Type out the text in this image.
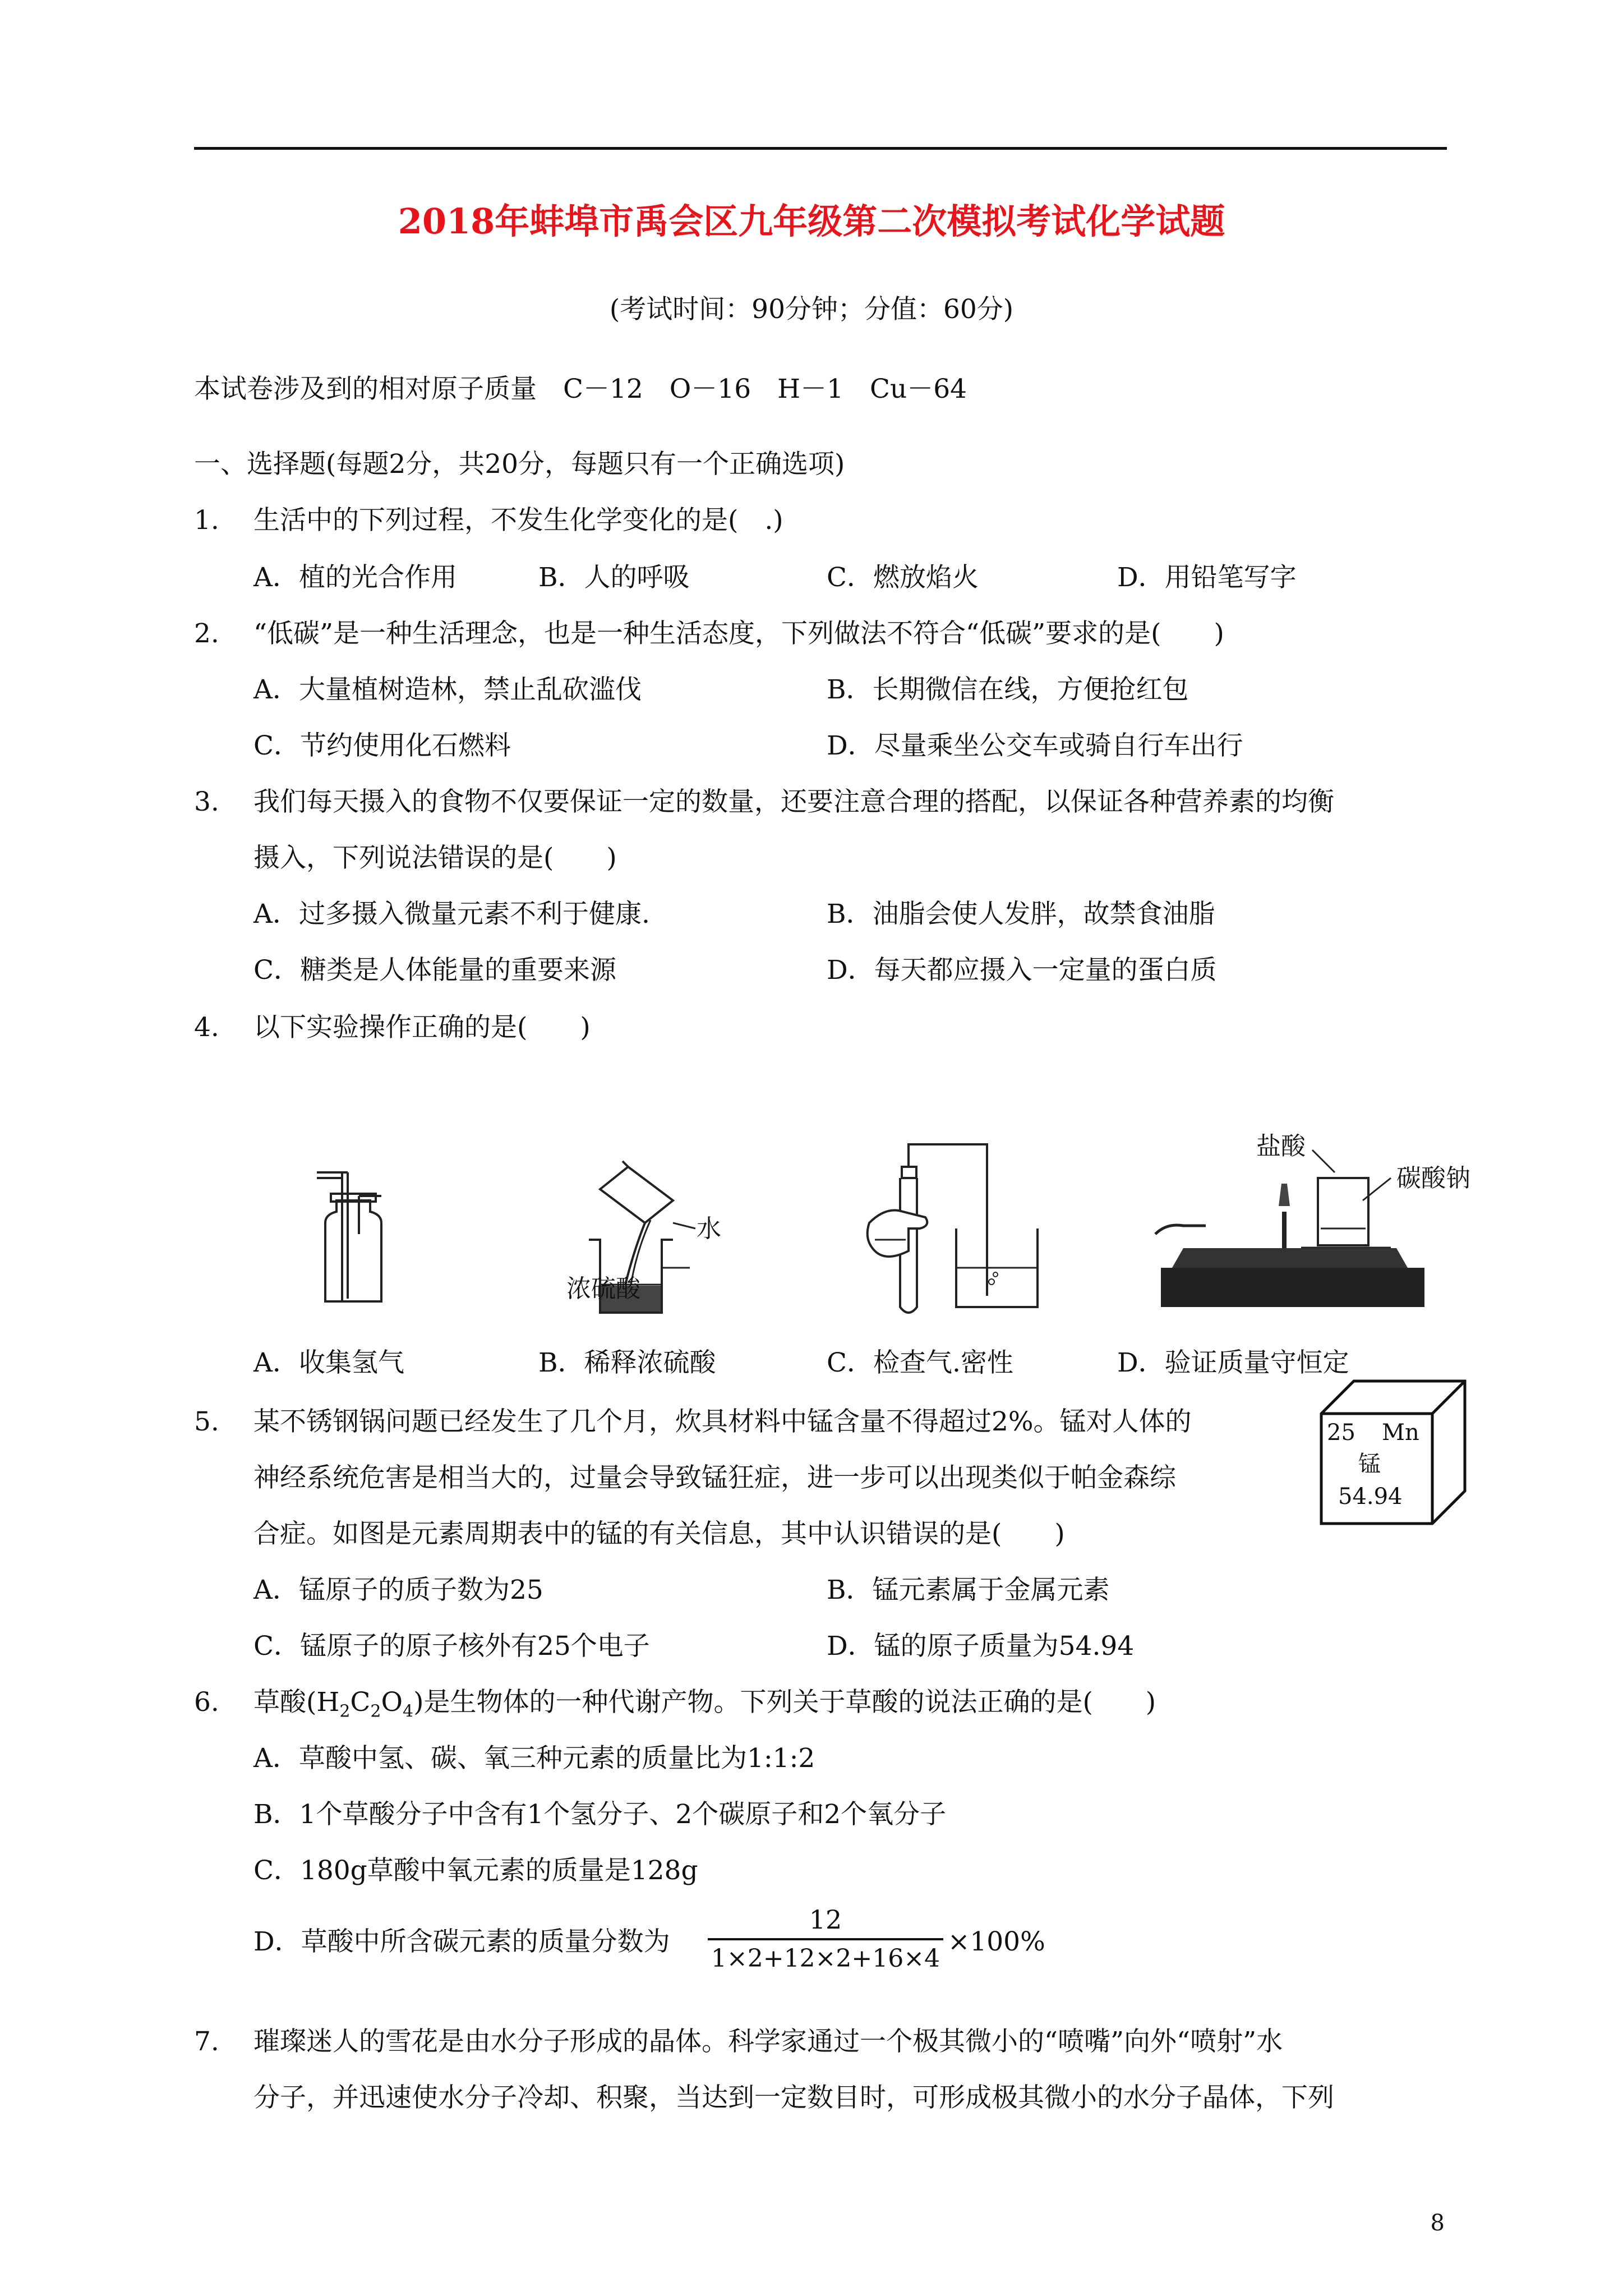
2018年蚌埠市禹会区九年级第二次模拟考试化学试题
(考试时间：90分钟；分值：60分)
本试卷涉及到的相对原子质量　C－12　O－16　H－1　Cu－64
一、选择题(每题2分，共20分，每题只有一个正确选项)
1. 生活中的下列过程，不发生化学变化的是(　.)
A．植的光合作用	B．人的呼吸	C．燃放焰火	D．用铅笔写字
2. “低碳”是一种生活理念，也是一种生活态度，下列做法不符合“低碳”要求的是(　　)
A．大量植树造林，禁止乱砍滥伐	B．长期微信在线，方便抢红包
C．节约使用化石燃料	D．尽量乘坐公交车或骑自行车出行
3. 我们每天摄入的食物不仅要保证一定的数量，还要注意合理的搭配，以保证各种营养素的均衡
摄入，下列说法错误的是(　　)
A．过多摄入微量元素不利于健康.	B．油脂会使人发胖，故禁食油脂
C．糖类是人体能量的重要来源	D．每天都应摄入一定量的蛋白质
4. 以下实验操作正确的是(　　)
水
浓硫酸
盐酸
碳酸钠
A．收集氢气	B．稀释浓硫酸	C．检查气.密性	D．验证质量守恒定
5. 某不锈钢锅问题已经发生了几个月，炊具材料中锰含量不得超过2%。锰对人体的
神经系统危害是相当大的，过量会导致锰狂症，进一步可以出现类似于帕金森综
合症。如图是元素周期表中的锰的有关信息，其中认识错误的是(　　)
25 Mn
锰
54.94
A．锰原子的质子数为25	B．锰元素属于金属元素
C．锰原子的原子核外有25个电子	D．锰的原子质量为54.94
6. 草酸$(H_2C_2O_4)$是生物体的一种代谢产物。下列关于草酸的说法正确的是(　　)
A．草酸中氢、碳、氧三种元素的质量比为1:1:2
B．1个草酸分子中含有1个氢分子、2个碳原子和2个氧分子
C．180g草酸中氧元素的质量是128g
D．草酸中所含碳元素的质量分数为
12
1×2+12×2+16×4
×100%
7. 璀璨迷人的雪花是由水分子形成的晶体。科学家通过一个极其微小的“喷嘴”向外“喷射”水
分子，并迅速使水分子冷却、积聚，当达到一定数目时，可形成极其微小的水分子晶体，下列
8
